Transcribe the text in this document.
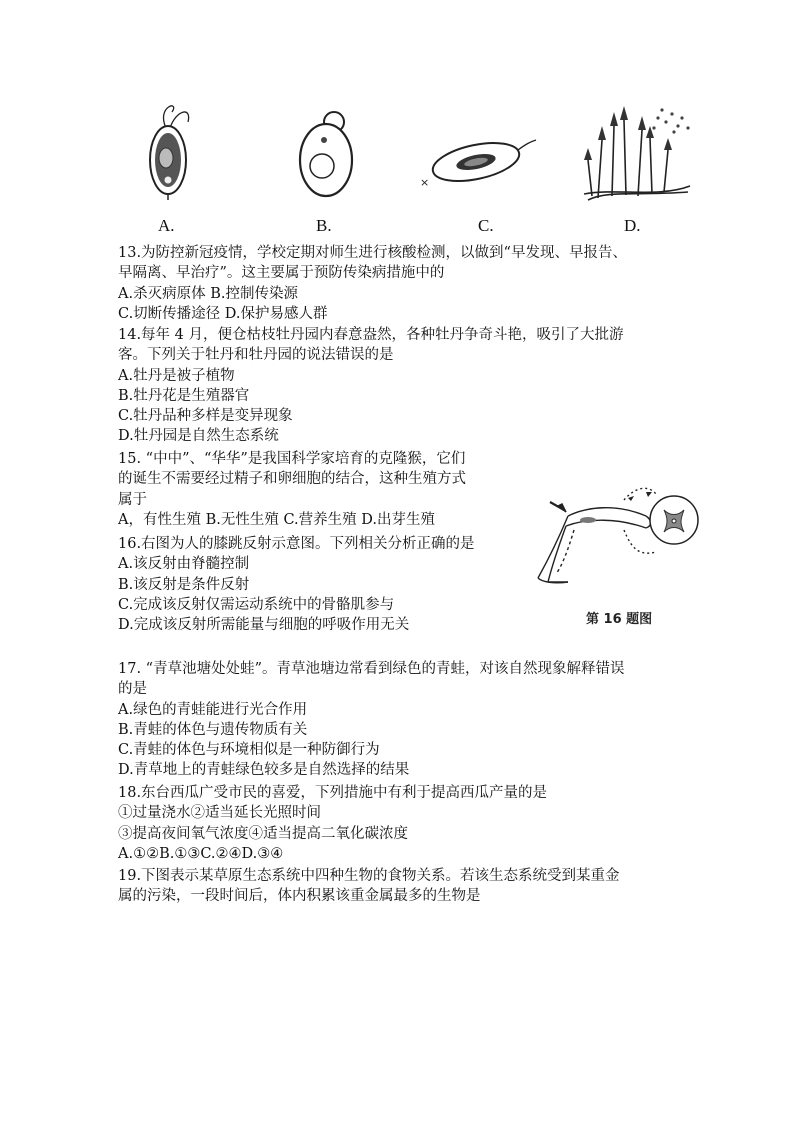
A.	B.
×
C.	D.

13.为防控新冠疫情，学校定期对师生进行核酸检测，以做到“早发现、早报告、

早隔离、早治疗”。这主要属于预防传染病措施中的

A.杀灭病原体 B.控制传染源

C.切断传播途径 D.保护易感人群

14.每年 4 月，便仓枯枝牡丹园内春意盎然，各种牡丹争奇斗艳，吸引了大批游

客。下列关于牡丹和牡丹园的说法错误的是

A.牡丹是被子植物

B.牡丹花是生殖器官

C.牡丹品种多样是变异现象

D.牡丹园是自然生态系统

15. “中中”、“华华”是我国科学家培育的克隆猴，它们

的诞生不需要经过精子和卵细胞的结合，这种生殖方式

属于

A，有性生殖 B.无性生殖 C.营养生殖 D.出芽生殖

16.右图为人的膝跳反射示意图。下列相关分析正确的是

A.该反射由脊髓控制

B.该反射是条件反射

C.完成该反射仅需运动系统中的骨骼肌参与

D.完成该反射所需能量与细胞的呼吸作用无关	第 16 题图

17. “青草池塘处处蛙”。青草池塘边常看到绿色的青蛙，对该自然现象解释错误

的是

A.绿色的青蛙能进行光合作用

B.青蛙的体色与遗传物质有关

C.青蛙的体色与环境相似是一种防御行为

D.青草地上的青蛙绿色较多是自然选择的结果

18.东台西瓜广受市民的喜爱，下列措施中有利于提高西瓜产量的是

①过量浇水②适当延长光照时间

③提高夜间氧气浓度④适当提高二氧化碳浓度

A.①②B.①③C.②④D.③④

19.下图表示某草原生态系统中四种生物的食物关系。若该生态系统受到某重金

属的污染，一段时间后，体内积累该重金属最多的生物是
